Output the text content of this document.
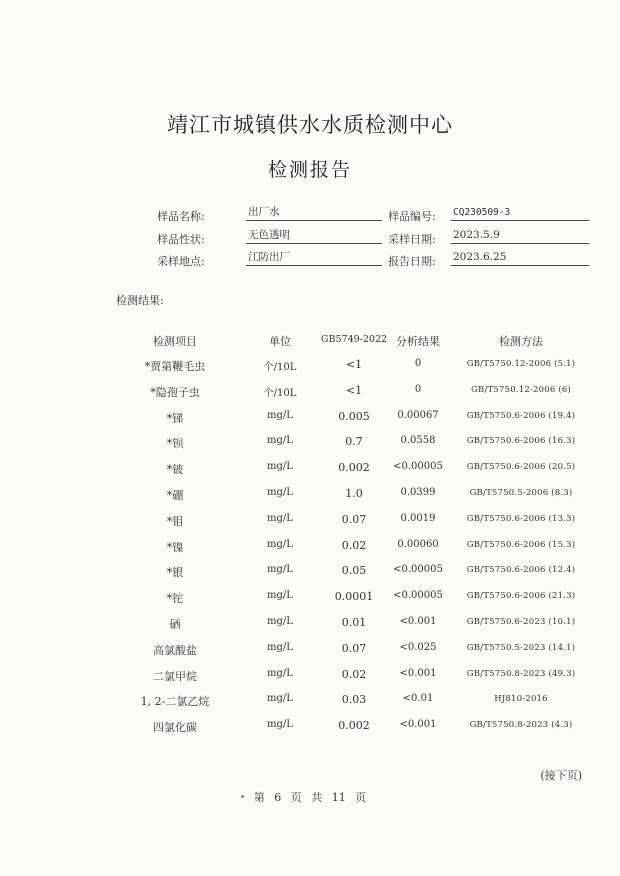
靖江市城镇供水水质检测中心
检测报告
样品名称:	出厂水	样品编号: CQ230509-3
样品性状:	无色透明	采样日期: 2023.5.9
采样地点:	江防出厂	报告日期: 2023.6.25
检测结果:
检测项目	单位	GB5749-2022 分析结果	检测方法
*贾第鞭毛虫	个/10L	<1	0	GB/T5750.12-2006 (5.1)
*隐孢子虫	个/10L	<1	0	GB/T5750.12-2006 (6)
*锑	mg/L	0.005	0.00067	GB/T5750.6-2006 (19.4)
*钡	mg/L	0.7	0.0558	GB/T5750.6-2006 (16.3)
*铍	mg/L	0.002	<0.00005	GB/T5750.6-2006 (20.5)
*硼	mg/L	1.0	0.0399	GB/T5750.5-2006 (8.3)
*钼	mg/L	0.07	0.0019	GB/T5750.6-2006 (13.3)
*镍	mg/L	0.02	0.00060	GB/T5750.6-2006 (15.3)
*银	mg/L	0.05	<0.00005	GB/T5750.6-2006 (12.4)
*铊	mg/L	0.0001	<0.00005	GB/T5750.6-2006 (21.3)
硒	mg/L	0.01	<0.001	GB/T5750.6-2023 (10.1)
高氯酸盐	mg/L	0.07	<0.025	GB/T5750.5-2023 (14.1)
二氯甲烷	mg/L	0.02	<0.001	GB/T5750.8-2023 (49.3)
1, 2-二氯乙烷	mg/L	0.03	<0.01	HJ810-2016
四氯化碳	mg/L	0.002	<0.001	GB/T5750.8-2023 (4.3)
(接下页)
第 6 页 共 11 页
